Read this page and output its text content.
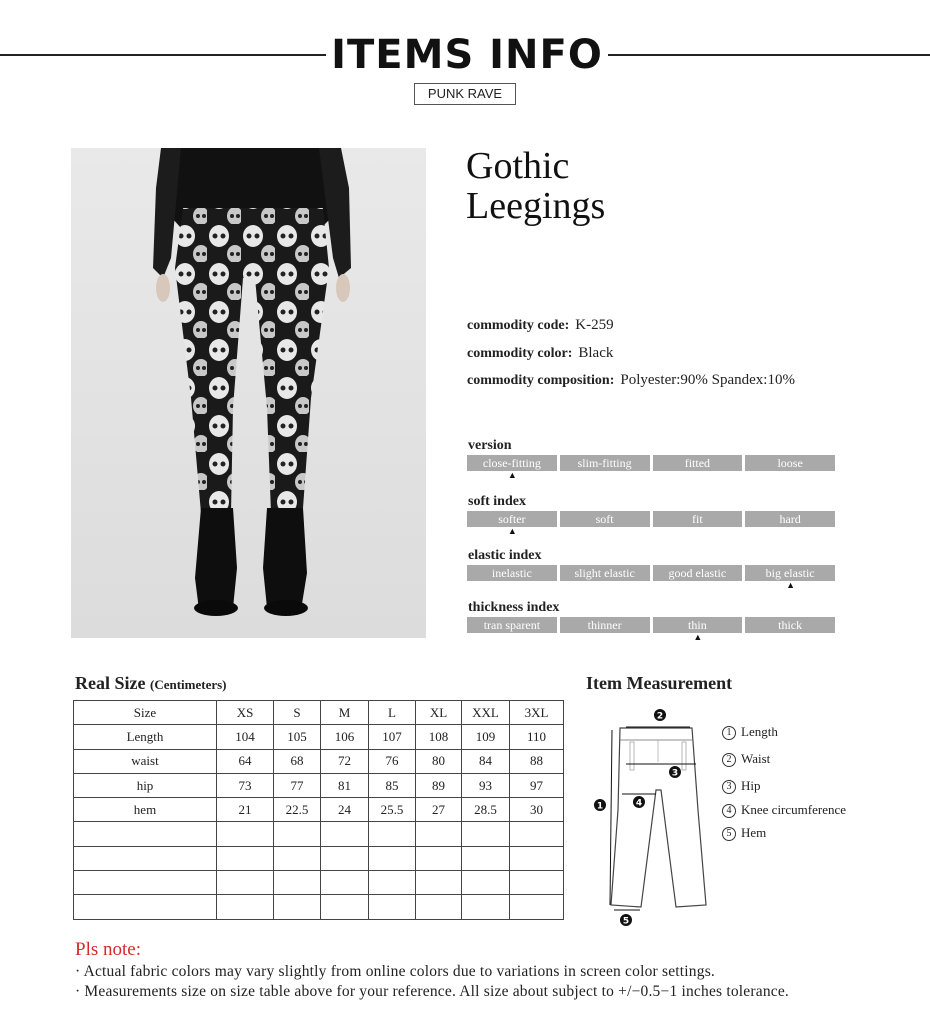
ITEMS INFO
PUNK RAVE
Gothic
Leegings
commodity code: K-259
commodity color: Black
commodity composition: Polyester:90% Spandex:10%
version
close-fitting	slim-fitting	fitted	loose
▲
soft index
softer	soft	fit	hard
▲
elastic index
inelastic	slight elastic	good elastic	big elastic
▲
thickness index
tran sparent	thinner	thin	thick
▲
Real Size (Centimeters)
Size	XS	S	M	L	XL	XXL	3XL
Length	104	105	106	107	108	109	110
waist	64	68	72	76	80	84	88
hip	73	77	81	85	89	93	97
hem	21	22.5	24	25.5	27	28.5	30

Item Measurement
2
3
4
1
5
1 Length
2 Waist
3 Hip
4 Knee circumference
5 Hem
Pls note:
· Actual fabric colors may vary slightly from online colors due to variations in screen color settings.
· Measurements size on size table above for your reference. All size about subject to +/−0.5−1 inches tolerance.
